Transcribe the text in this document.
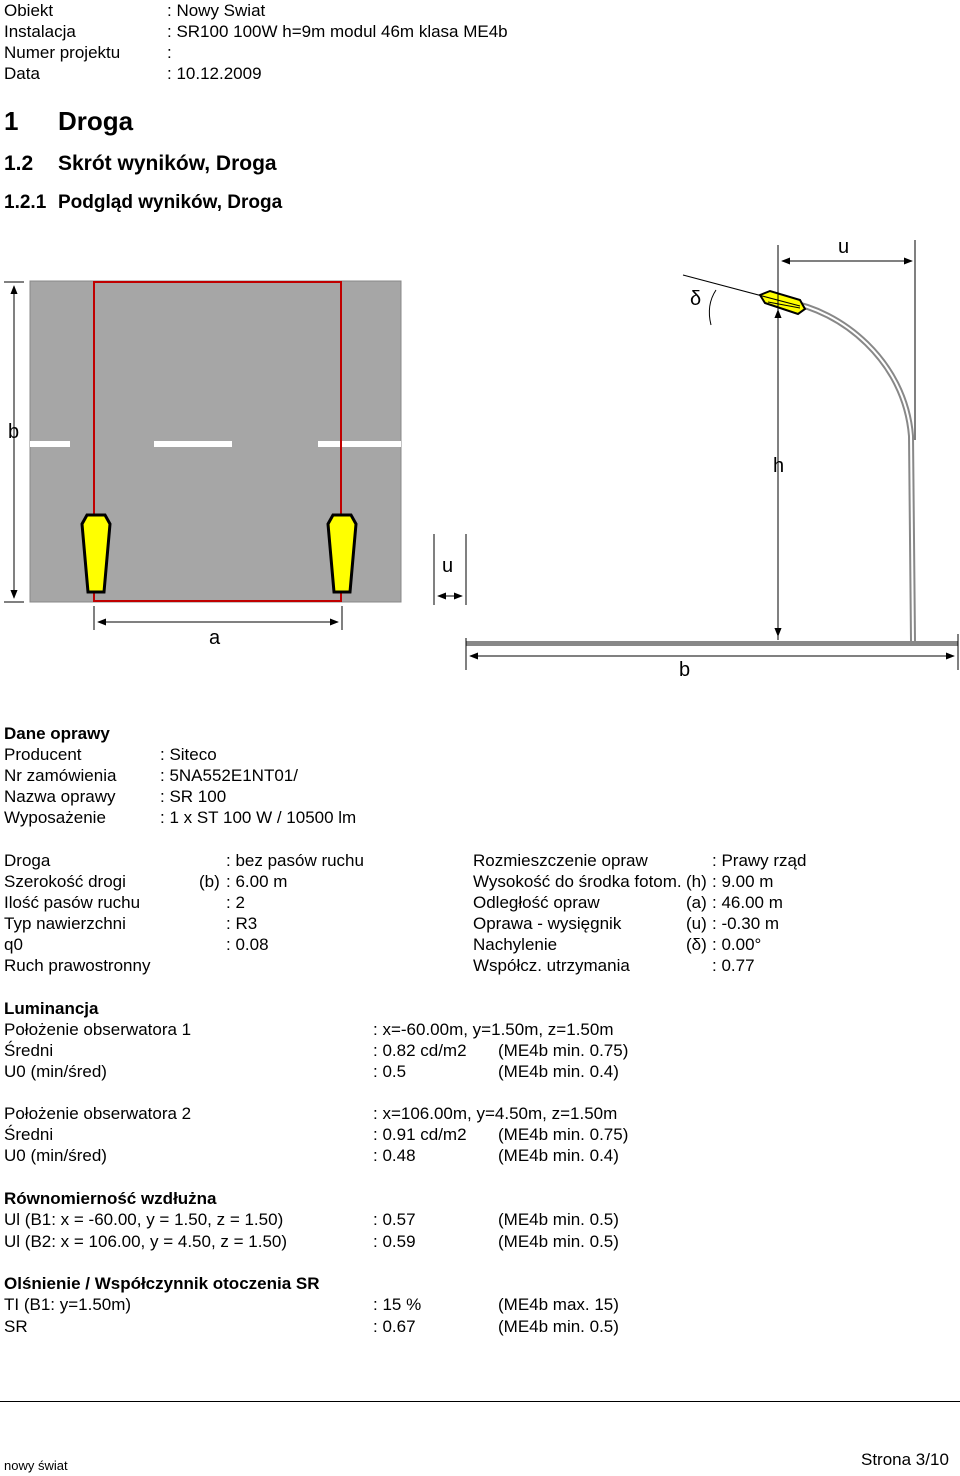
Obiekt	: Nowy Swiat
Instalacja	: SR100 100W h=9m modul 46m klasa ME4b
Numer projektu	:
Data	: 10.12.2009
1 Droga
1.2 Skrót wyników, Droga
1.2.1 Podgląd wyników, Droga
b
a
u
δ
h
u
b
Dane oprawy
Producent	: Siteco
Nr zamówienia	: 5NA552E1NT01/
Nazwa oprawy	: SR 100
Wyposażenie	: 1 x ST 100 W / 10500 lm
Droga	: bez pasów ruchu
Szerokość drogi	(b) : 6.00 m
Ilość pasów ruchu	: 2
Typ nawierzchni	: R3
q0	: 0.08
Ruch prawostronny
Rozmieszczenie opraw	: Prawy rząd
Wysokość do środka fotom. (h) : 9.00 m
Odległość opraw	(a) : 46.00 m
Oprawa - wysięgnik	(u) : -0.30 m
Nachylenie	(δ) : 0.00°
Współcz. utrzymania	: 0.77
Luminancja
Położenie obserwatora 1	: x=-60.00m, y=1.50m, z=1.50m
Średni	: 0.82 cd/m2 (ME4b min. 0.75)
U0 (min/śred)	: 0.5	(ME4b min. 0.4)
Położenie obserwatora 2	: x=106.00m, y=4.50m, z=1.50m
Średni	: 0.91 cd/m2 (ME4b min. 0.75)
U0 (min/śred)	: 0.48	(ME4b min. 0.4)
Równomierność wzdłużna
Ul (B1: x = -60.00, y = 1.50, z = 1.50)	: 0.57	(ME4b min. 0.5)
Ul (B2: x = 106.00, y = 4.50, z = 1.50)	: 0.59	(ME4b min. 0.5)
Olśnienie / Współczynnik otoczenia SR
TI (B1: y=1.50m)	: 15 %	(ME4b max. 15)
SR	: 0.67	(ME4b min. 0.5)
nowy świat	Strona 3/10
